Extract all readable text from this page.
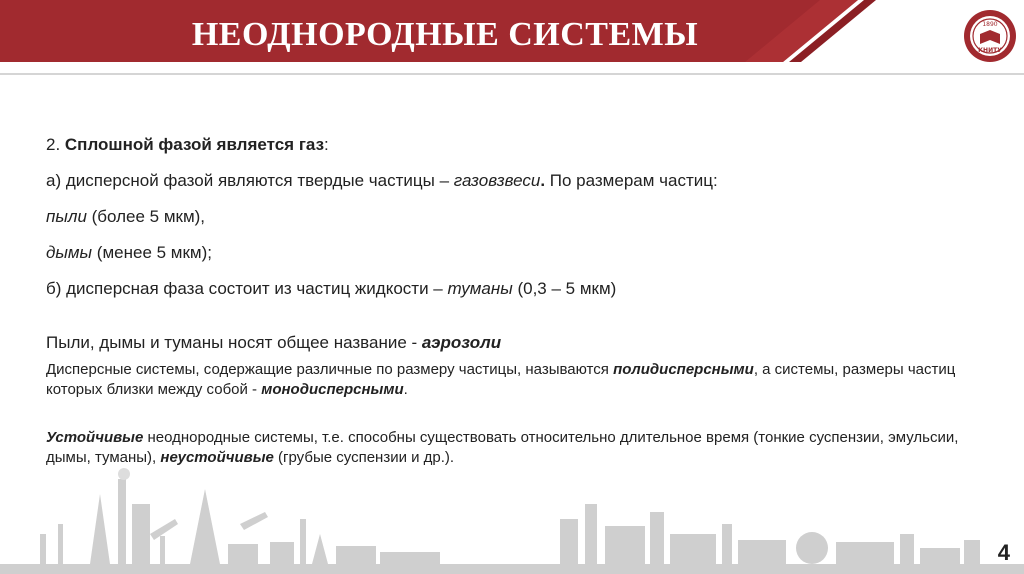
НЕОДНОРОДНЫЕ СИСТЕМЫ	1890
КНИТУ

2. Сплошной фазой является газ:

а) дисперсной фазой являются твердые частицы – газовзвеси. По размерам частиц:

пыли (более 5 мкм),

дымы (менее 5 мкм);

б) дисперсная фаза состоит из частиц жидкости – туманы (0,3 – 5 мкм)

Пыли, дымы и туманы носят общее название - аэрозоли

Дисперсные системы, содержащие различные по размеру частицы, называются полидисперсными, а системы, размеры частиц которых близки между собой - монодисперсными.

Устойчивые неоднородные системы, т.е. способны существовать относительно длительное время (тонкие суспензии, эмульсии, дымы, туманы), неустойчивые (грубые суспензии и др.).

4
